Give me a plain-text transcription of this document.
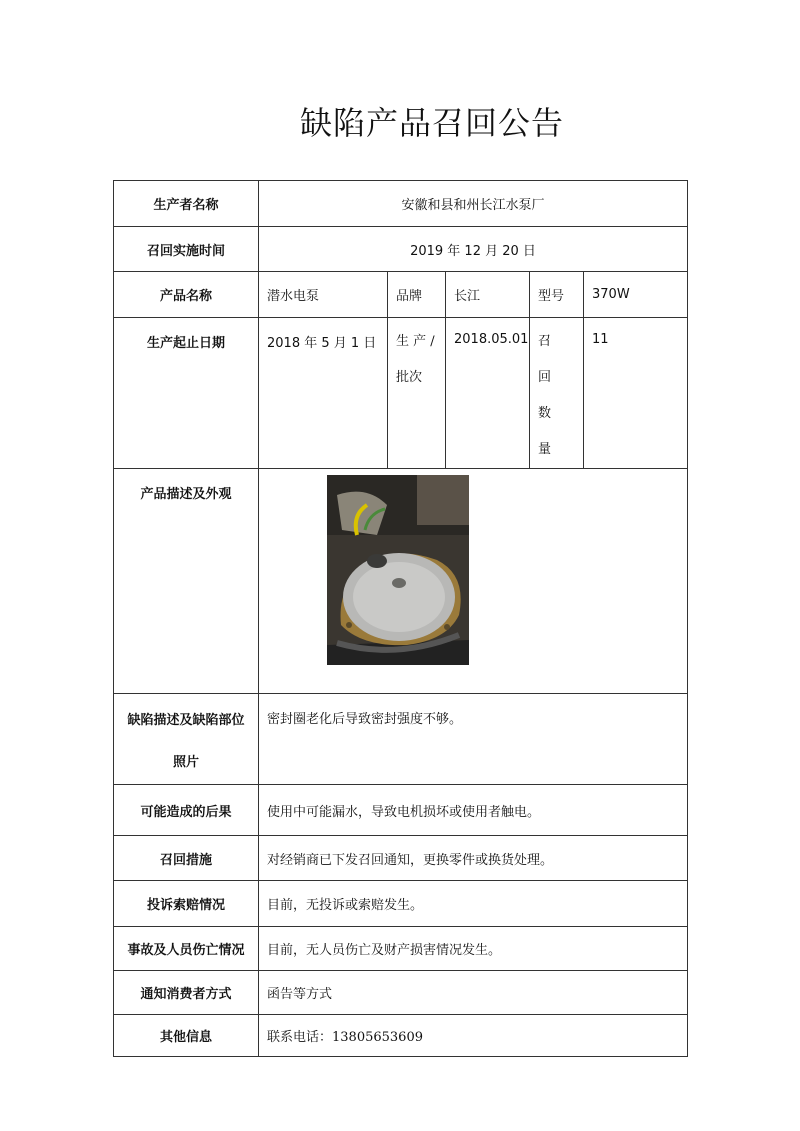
缺陷产品召回公告
生产者名称	安徽和县和州长江水泵厂				
召回实施时间	2019 年 12 月 20 日				
产品名称	潜水电泵	品牌	长江	型号	370W
生产起止日期	2018 年 5 月 1 日	生 产 / 批次	2018.05.01	召 回 数量	11
产品描述及外观	

缺陷描述及缺陷部位照片	密封圈老化后导致密封强度不够。				
可能造成的后果	使用中可能漏水，导致电机损坏或使用者触电。				
召回措施	对经销商已下发召回通知，更换零件或换货处理。				
投诉索赔情况	目前，无投诉或索赔发生。				
事故及人员伤亡情况	目前，无人员伤亡及财产损害情况发生。				
通知消费者方式	函告等方式				
其他信息	联系电话：13805653609				
